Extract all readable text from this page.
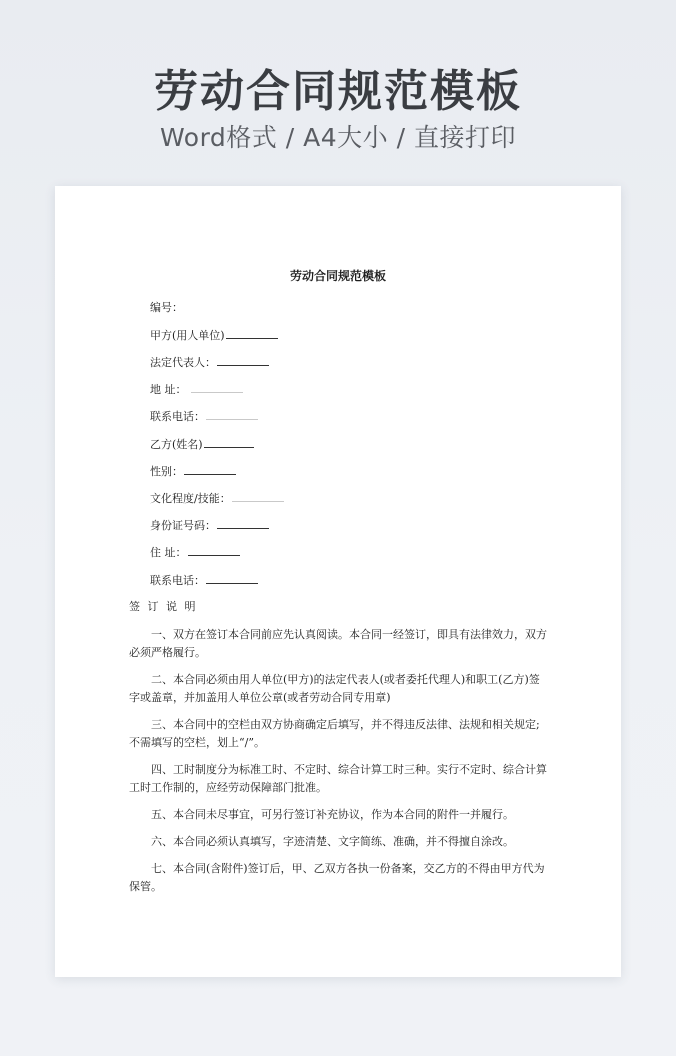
劳动合同规范模板
Word格式 / A4大小 / 直接打印
劳动合同规范模板
编号：
甲方(用人单位)
法定代表人：
地 址：
联系电话：
乙方(姓名)
性别：
文化程度/技能：
身份证号码：
住 址：
联系电话：
签 订 说 明
一、双方在签订本合同前应先认真阅读。本合同一经签订，即具有法律效力，双方必须严格履行。
二、本合同必须由用人单位(甲方)的法定代表人(或者委托代理人)和职工(乙方)签字或盖章，并加盖用人单位公章(或者劳动合同专用章)
三、本合同中的空栏由双方协商确定后填写，并不得违反法律、法规和相关规定;不需填写的空栏，划上“/”。
四、工时制度分为标准工时、不定时、综合计算工时三种。实行不定时、综合计算工时工作制的，应经劳动保障部门批准。
五、本合同未尽事宜，可另行签订补充协议，作为本合同的附件一并履行。
六、本合同必须认真填写，字迹清楚、文字简练、准确，并不得擅自涂改。
七、本合同(含附件)签订后，甲、乙双方各执一份备案，交乙方的不得由甲方代为保管。
